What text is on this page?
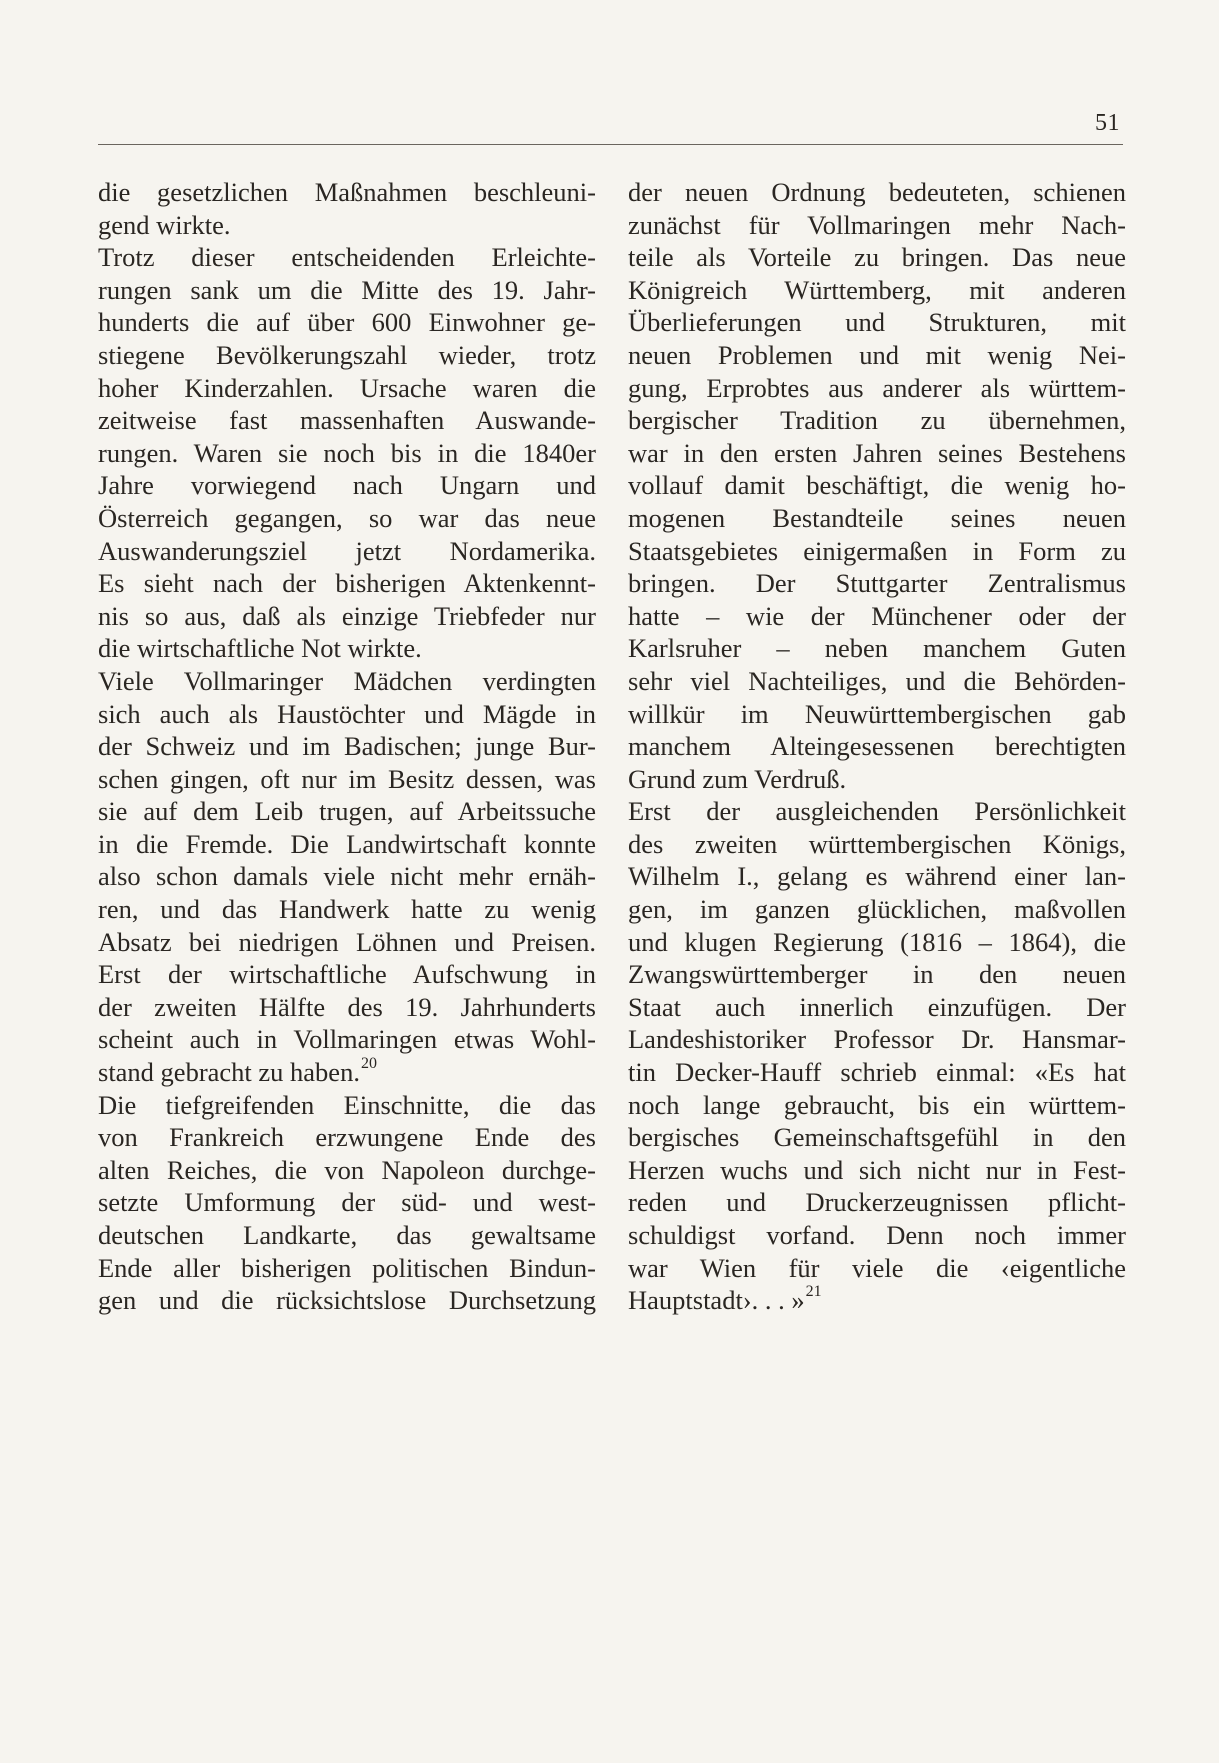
51
die gesetzlichen Maßnahmen beschleuni-
gend wirkte.
Trotz dieser entscheidenden Erleichte-
rungen sank um die Mitte des 19. Jahr-
hunderts die auf über 600 Einwohner ge-
stiegene Bevölkerungszahl wieder, trotz
hoher Kinderzahlen. Ursache waren die
zeitweise fast massenhaften Auswande-
rungen. Waren sie noch bis in die 1840er
Jahre vorwiegend nach Ungarn und
Österreich gegangen, so war das neue
Auswanderungsziel jetzt Nordamerika.
Es sieht nach der bisherigen Aktenkennt-
nis so aus, daß als einzige Triebfeder nur
die wirtschaftliche Not wirkte.
Viele Vollmaringer Mädchen verdingten
sich auch als Haustöchter und Mägde in
der Schweiz und im Badischen; junge Bur-
schen gingen, oft nur im Besitz dessen, was
sie auf dem Leib trugen, auf Arbeitssuche
in die Fremde. Die Landwirtschaft konnte
also schon damals viele nicht mehr ernäh-
ren, und das Handwerk hatte zu wenig
Absatz bei niedrigen Löhnen und Preisen.
Erst der wirtschaftliche Aufschwung in
der zweiten Hälfte des 19. Jahrhunderts
scheint auch in Vollmaringen etwas Wohl-
stand gebracht zu haben.$^{20}$
Die tiefgreifenden Einschnitte, die das
von Frankreich erzwungene Ende des
alten Reiches, die von Napoleon durchge-
setzte Umformung der süd- und west-
deutschen Landkarte, das gewaltsame
Ende aller bisherigen politischen Bindun-
gen und die rücksichtslose Durchsetzung
der neuen Ordnung bedeuteten, schienen
zunächst für Vollmaringen mehr Nach-
teile als Vorteile zu bringen. Das neue
Königreich Württemberg, mit anderen
Überlieferungen und Strukturen, mit
neuen Problemen und mit wenig Nei-
gung, Erprobtes aus anderer als württem-
bergischer Tradition zu übernehmen,
war in den ersten Jahren seines Bestehens
vollauf damit beschäftigt, die wenig ho-
mogenen Bestandteile seines neuen
Staatsgebietes einigermaßen in Form zu
bringen. Der Stuttgarter Zentralismus
hatte – wie der Münchener oder der
Karlsruher – neben manchem Guten
sehr viel Nachteiliges, und die Behörden-
willkür im Neuwürttembergischen gab
manchem Alteingesessenen berechtigten
Grund zum Verdruß.
Erst der ausgleichenden Persönlichkeit
des zweiten württembergischen Königs,
Wilhelm I., gelang es während einer lan-
gen, im ganzen glücklichen, maßvollen
und klugen Regierung (1816 – 1864), die
Zwangswürttemberger in den neuen
Staat auch innerlich einzufügen. Der
Landeshistoriker Professor Dr. Hansmar-
tin Decker-Hauff schrieb einmal: «Es hat
noch lange gebraucht, bis ein württem-
bergisches Gemeinschaftsgefühl in den
Herzen wuchs und sich nicht nur in Fest-
reden und Druckerzeugnissen pflicht-
schuldigst vorfand. Denn noch immer
war Wien für viele die ‹eigentliche
Hauptstadt›. . . »$^{21}$
